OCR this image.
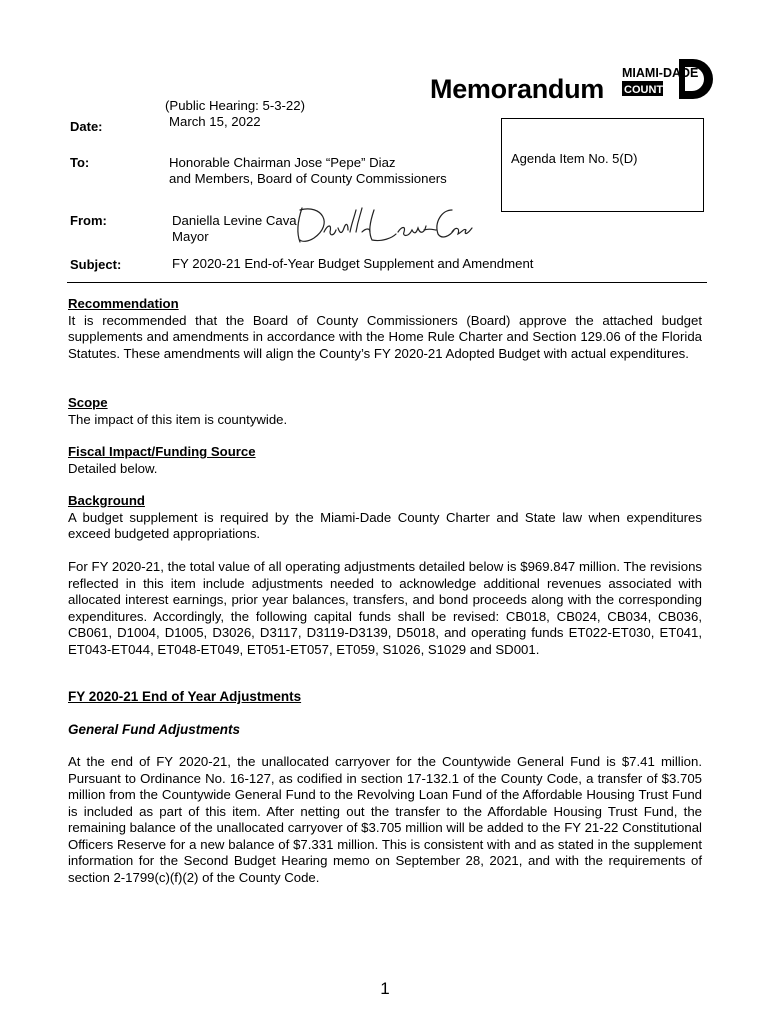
Memorandum
MIAMI-DADE
COUNTY
(Public Hearing: 5-3-22)
Date:	March 15, 2022
To:	Honorable Chairman Jose “Pepe” Diaz
and Members, Board of County Commissioners
Agenda Item No. 5(D)
From:	Daniella Levine Cava
Mayor
Subject:	FY 2020-21 End-of-Year Budget Supplement and Amendment
Recommendation
It is recommended that the Board of County Commissioners (Board) approve the attached budget supplements and amendments in accordance with the Home Rule Charter and Section 129.06 of the Florida Statutes. These amendments will align the County’s FY 2020-21 Adopted Budget with actual expenditures.
Scope
The impact of this item is countywide.
Fiscal Impact/Funding Source
Detailed below.
Background
A budget supplement is required by the Miami-Dade County Charter and State law when expenditures exceed budgeted appropriations.

For FY 2020-21, the total value of all operating adjustments detailed below is $969.847 million. The revisions reflected in this item include adjustments needed to acknowledge additional revenues associated with allocated interest earnings, prior year balances, transfers, and bond proceeds along with the corresponding expenditures. Accordingly, the following capital funds shall be revised: CB018, CB024, CB034, CB036, CB061, D1004, D1005, D3026, D3117, D3119-D3139, D5018, and operating funds ET022-ET030, ET041, ET043-ET044, ET048-ET049, ET051-ET057, ET059, S1026, S1029 and SD001.

FY 2020-21 End of Year Adjustments
General Fund Adjustments

At the end of FY 2020-21, the unallocated carryover for the Countywide General Fund is $7.41 million. Pursuant to Ordinance No. 16-127, as codified in section 17-132.1 of the County Code, a transfer of $3.705 million from the Countywide General Fund to the Revolving Loan Fund of the Affordable Housing Trust Fund is included as part of this item. After netting out the transfer to the Affordable Housing Trust Fund, the remaining balance of the unallocated carryover of $3.705 million will be added to the FY 21-22 Constitutional Officers Reserve for a new balance of $7.331 million. This is consistent with and as stated in the supplement information for the Second Budget Hearing memo on September 28, 2021, and with the requirements of section 2-1799(c)(f)(2) of the County Code.

1
